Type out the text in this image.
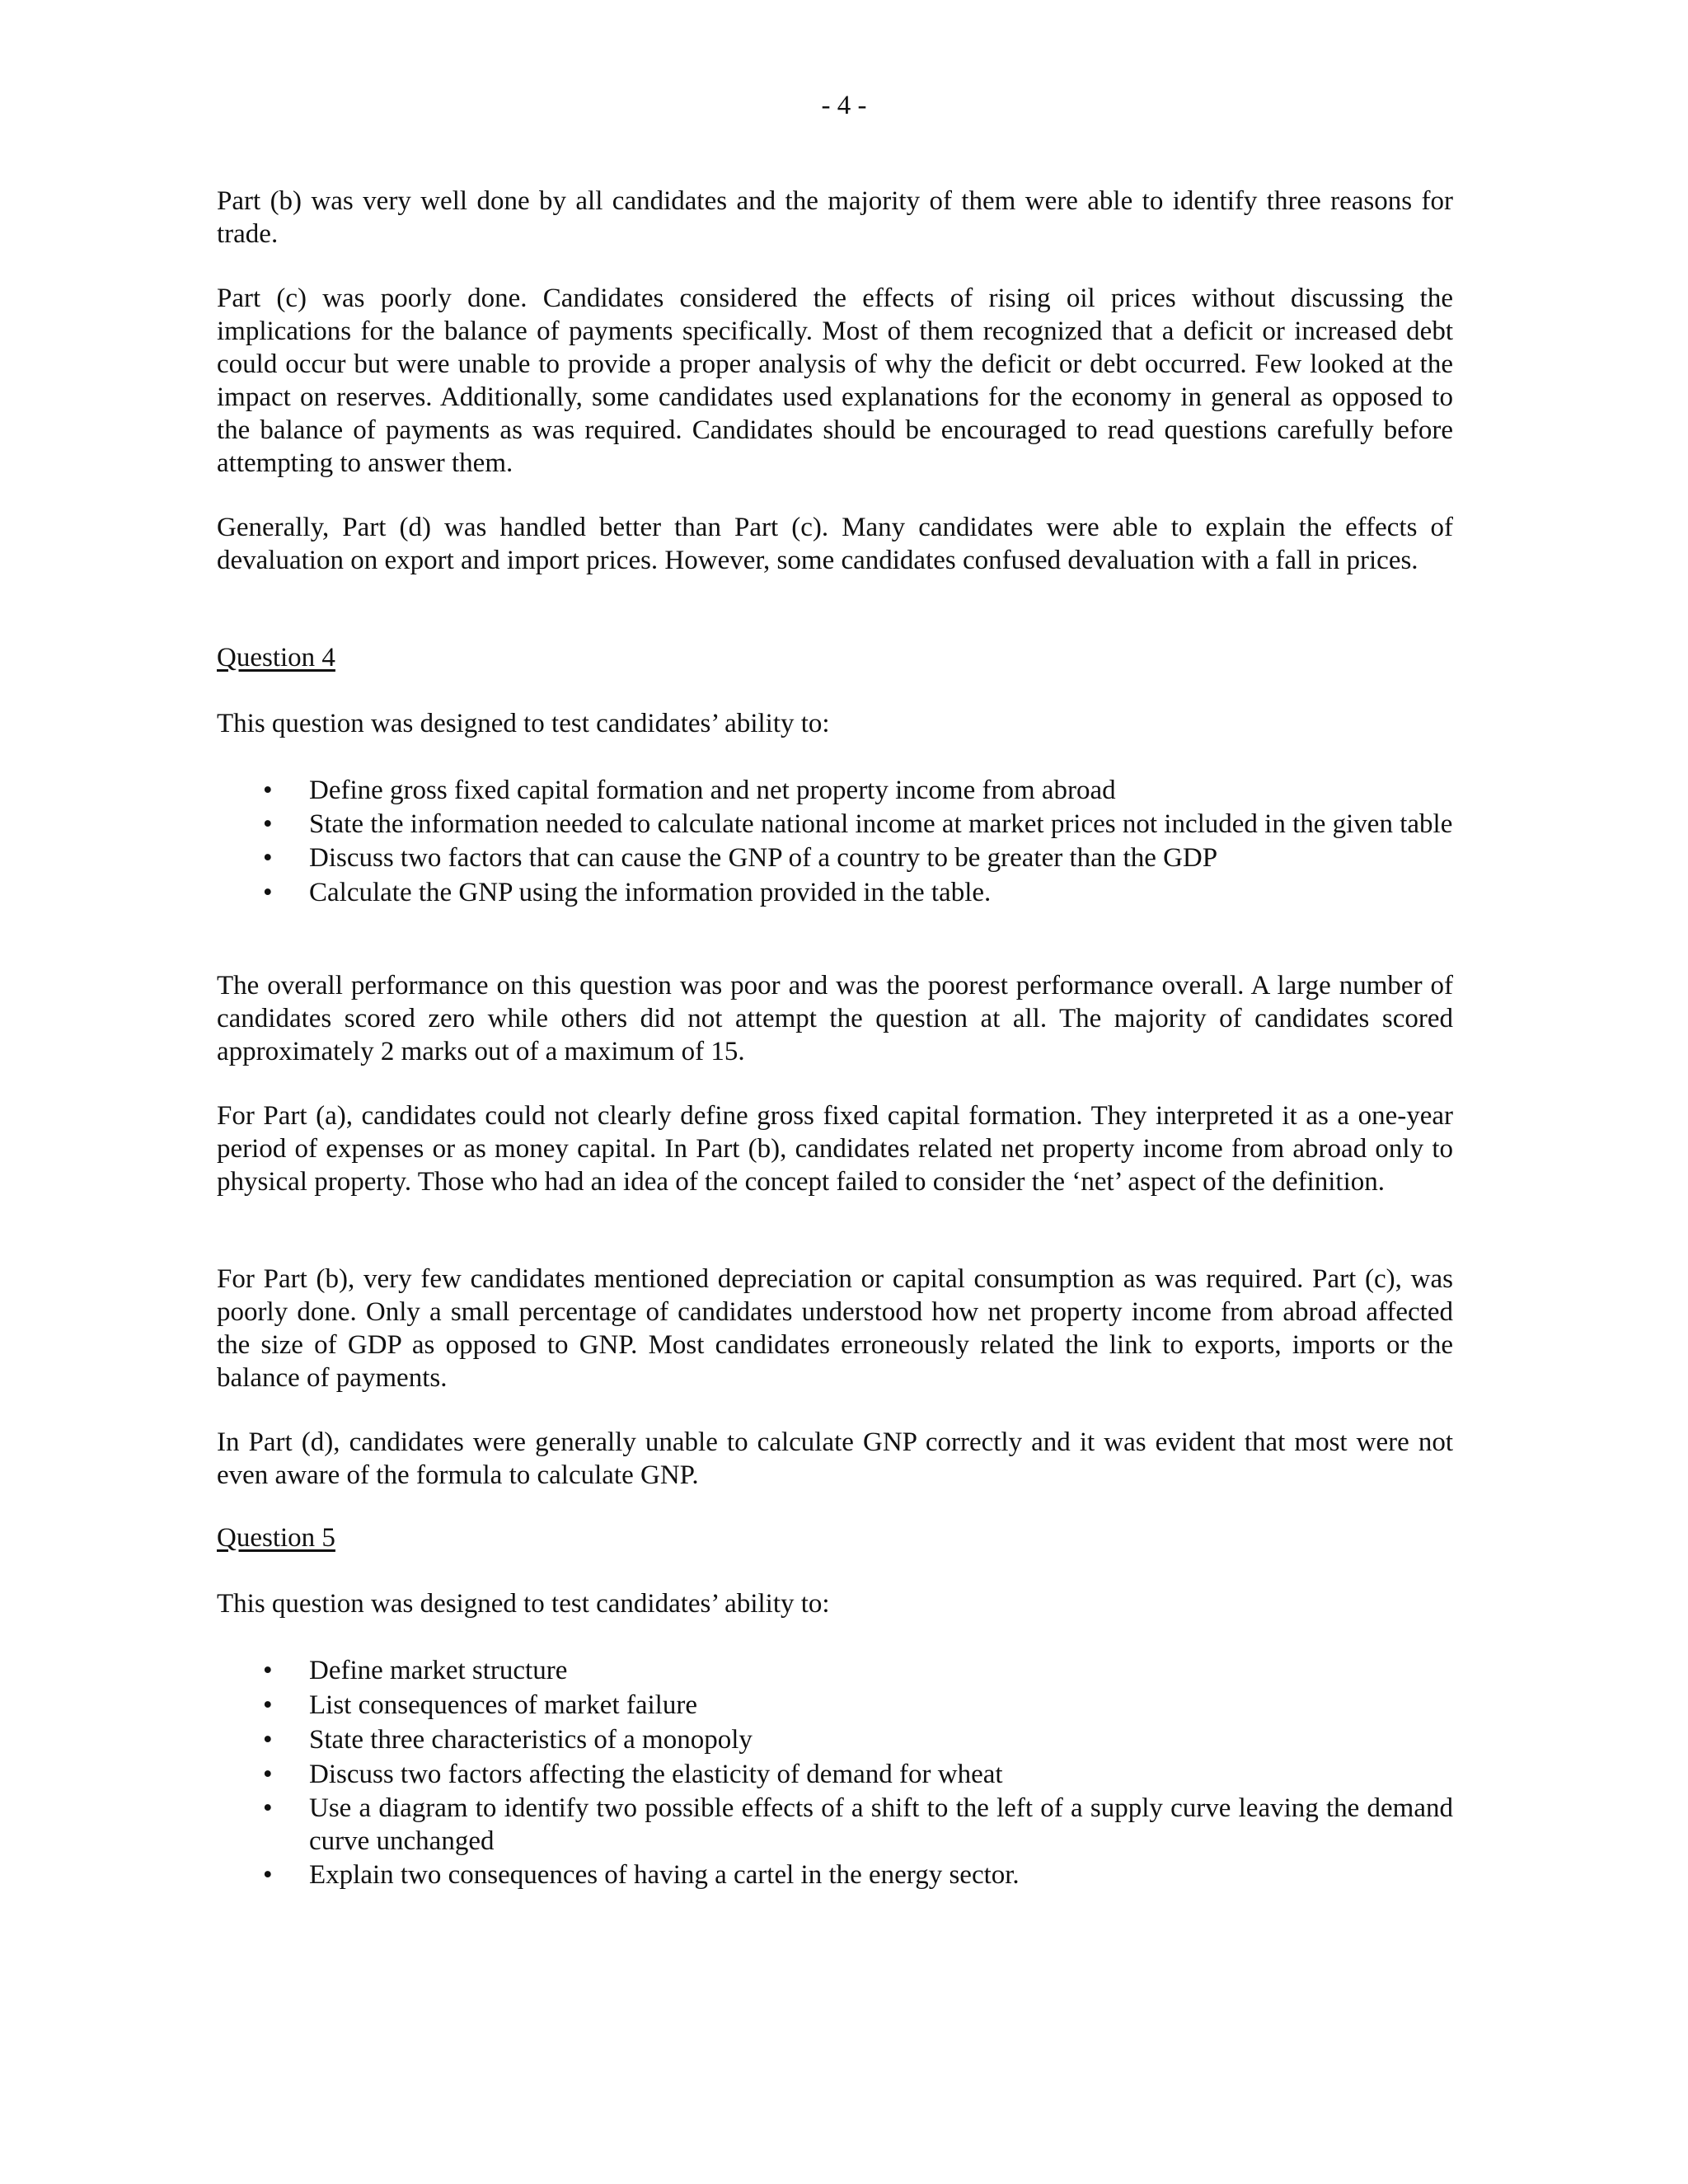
- 4 -

Part (b) was very well done by all candidates and the majority of them were able to identify three reasons for trade.

Part (c) was poorly done. Candidates considered the effects of rising oil prices without discussing the implications for the balance of payments specifically. Most of them recognized that a deficit or increased debt could occur but were unable to provide a proper analysis of why the deficit or debt occurred. Few looked at the impact on reserves. Additionally, some candidates used explanations for the economy in general as opposed to the balance of payments as was required. Candidates should be encouraged to read questions carefully before attempting to answer them.

Generally, Part (d) was handled better than Part (c). Many candidates were able to explain the effects of devaluation on export and import prices. However, some candidates confused devaluation with a fall in prices.

Question 4

This question was designed to test candidates’ ability to:

• Define gross fixed capital formation and net property income from abroad
• State the information needed to calculate national income at market prices not included in the given table
• Discuss two factors that can cause the GNP of a country to be greater than the GDP
• Calculate the GNP using the information provided in the table.

The overall performance on this question was poor and was the poorest performance overall. A large number of candidates scored zero while others did not attempt the question at all. The majority of candidates scored approximately 2 marks out of a maximum of 15.

For Part (a), candidates could not clearly define gross fixed capital formation. They interpreted it as a one-year period of expenses or as money capital. In Part (b), candidates related net property income from abroad only to physical property. Those who had an idea of the concept failed to consider the ‘net’ aspect of the definition.

For Part (b), very few candidates mentioned depreciation or capital consumption as was required. Part (c), was poorly done. Only a small percentage of candidates understood how net property income from abroad affected the size of GDP as opposed to GNP. Most candidates erroneously related the link to exports, imports or the balance of payments.

In Part (d), candidates were generally unable to calculate GNP correctly and it was evident that most were not even aware of the formula to calculate GNP.

Question 5

This question was designed to test candidates’ ability to:

• Define market structure
• List consequences of market failure
• State three characteristics of a monopoly
• Discuss two factors affecting the elasticity of demand for wheat
• Use a diagram to identify two possible effects of a shift to the left of a supply curve leaving the demand curve unchanged
• Explain two consequences of having a cartel in the energy sector.
